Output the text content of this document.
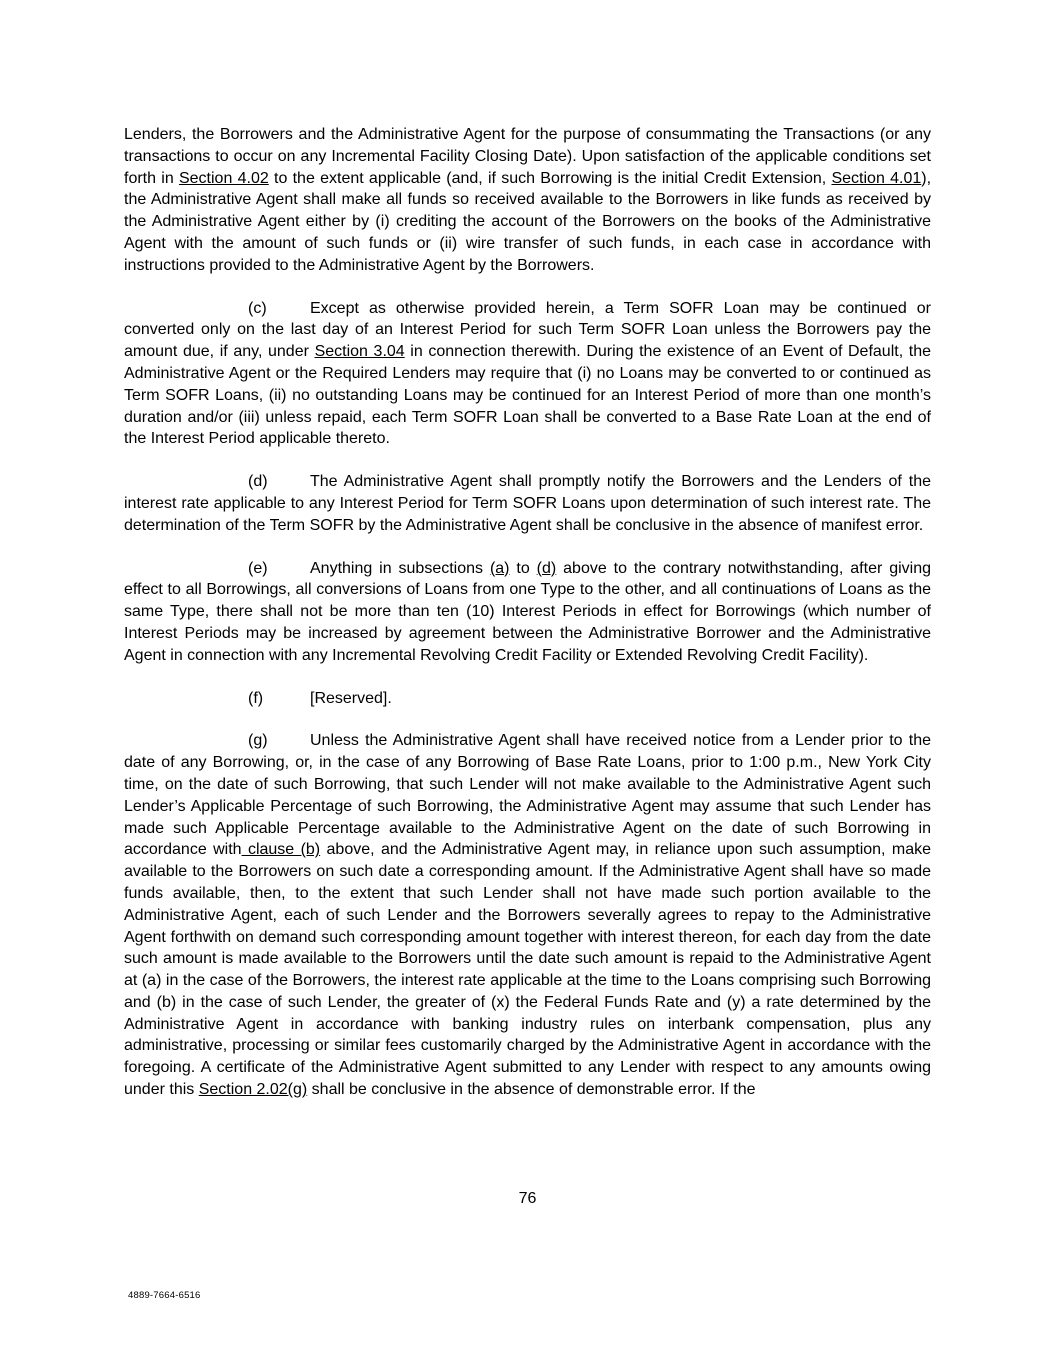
Lenders, the Borrowers and the Administrative Agent for the purpose of consummating the Transactions (or any transactions to occur on any Incremental Facility Closing Date). Upon satisfaction of the applicable conditions set forth in Section 4.02 to the extent applicable (and, if such Borrowing is the initial Credit Extension, Section 4.01), the Administrative Agent shall make all funds so received available to the Borrowers in like funds as received by the Administrative Agent either by (i) crediting the account of the Borrowers on the books of the Administrative Agent with the amount of such funds or (ii) wire transfer of such funds, in each case in accordance with instructions provided to the Administrative Agent by the Borrowers.

(c)	Except as otherwise provided herein, a Term SOFR Loan may be continued or converted only on the last day of an Interest Period for such Term SOFR Loan unless the Borrowers pay the amount due, if any, under Section 3.04 in connection therewith. During the existence of an Event of Default, the Administrative Agent or the Required Lenders may require that (i) no Loans may be converted to or continued as Term SOFR Loans, (ii) no outstanding Loans may be continued for an Interest Period of more than one month’s duration and/or (iii) unless repaid, each Term SOFR Loan shall be converted to a Base Rate Loan at the end of the Interest Period applicable thereto.

(d)	The Administrative Agent shall promptly notify the Borrowers and the Lenders of the interest rate applicable to any Interest Period for Term SOFR Loans upon determination of such interest rate. The determination of the Term SOFR by the Administrative Agent shall be conclusive in the absence of manifest error.

(e)	Anything in subsections (a) to (d) above to the contrary notwithstanding, after giving effect to all Borrowings, all conversions of Loans from one Type to the other, and all continuations of Loans as the same Type, there shall not be more than ten (10) Interest Periods in effect for Borrowings (which number of Interest Periods may be increased by agreement between the Administrative Borrower and the Administrative Agent in connection with any Incremental Revolving Credit Facility or Extended Revolving Credit Facility).

(f)	[Reserved].

(g)	Unless the Administrative Agent shall have received notice from a Lender prior to the date of any Borrowing, or, in the case of any Borrowing of Base Rate Loans, prior to 1:00 p.m., New York City time, on the date of such Borrowing, that such Lender will not make available to the Administrative Agent such Lender’s Applicable Percentage of such Borrowing, the Administrative Agent may assume that such Lender has made such Applicable Percentage available to the Administrative Agent on the date of such Borrowing in accordance with clause (b) above, and the Administrative Agent may, in reliance upon such assumption, make available to the Borrowers on such date a corresponding amount. If the Administrative Agent shall have so made funds available, then, to the extent that such Lender shall not have made such portion available to the Administrative Agent, each of such Lender and the Borrowers severally agrees to repay to the Administrative Agent forthwith on demand such corresponding amount together with interest thereon, for each day from the date such amount is made available to the Borrowers until the date such amount is repaid to the Administrative Agent at (a) in the case of the Borrowers, the interest rate applicable at the time to the Loans comprising such Borrowing and (b) in the case of such Lender, the greater of (x) the Federal Funds Rate and (y) a rate determined by the Administrative Agent in accordance with banking industry rules on interbank compensation, plus any administrative, processing or similar fees customarily charged by the Administrative Agent in accordance with the foregoing. A certificate of the Administrative Agent submitted to any Lender with respect to any amounts owing under this Section 2.02(g) shall be conclusive in the absence of demonstrable error. If the

76
4889-7664-6516
